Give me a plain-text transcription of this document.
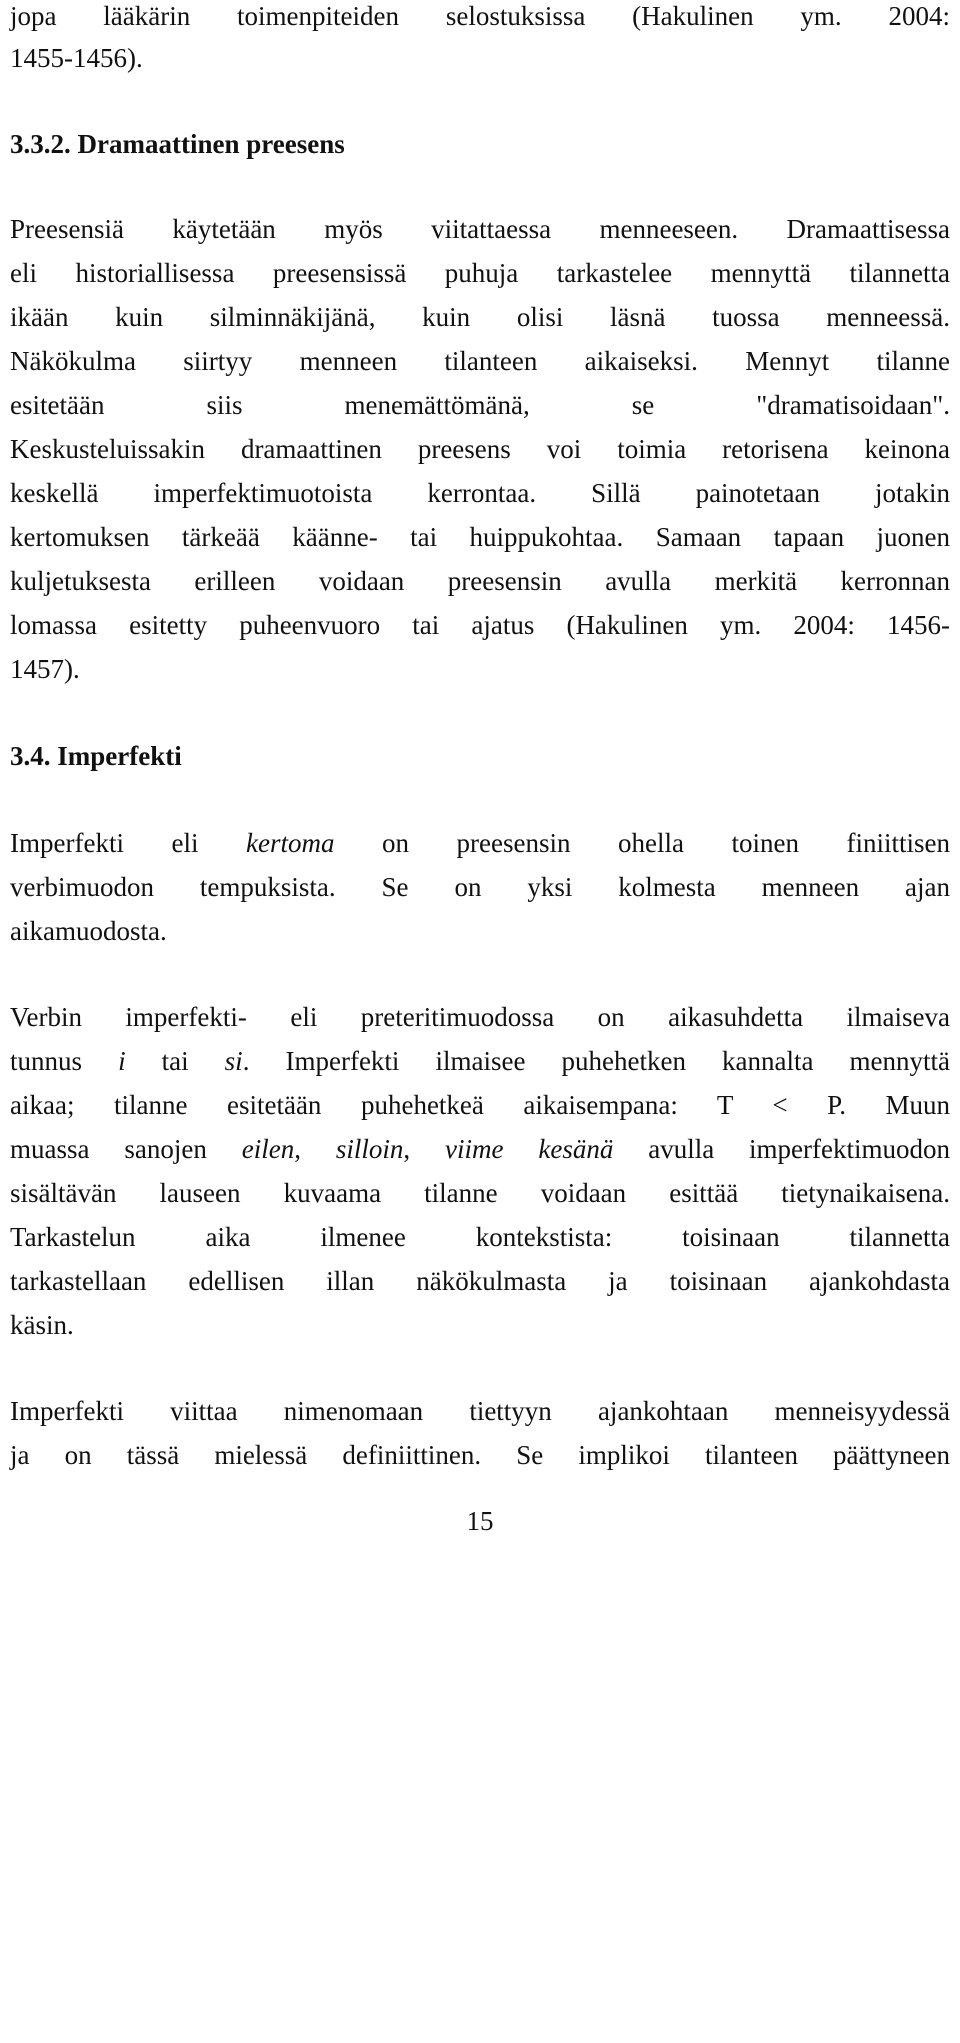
jopa lääkärin toimenpiteiden selostuksissa (Hakulinen ym. 2004:
1455-1456).
3.3.2. Dramaattinen preesens
Preesensiä käytetään myös viitattaessa menneeseen. Dramaattisessa
eli historiallisessa preesensissä puhuja tarkastelee mennyttä tilannetta
ikään kuin silminnäkijänä, kuin olisi läsnä tuossa menneessä.
Näkökulma siirtyy menneen tilanteen aikaiseksi. Mennyt tilanne
esitetään siis menemättömänä, se "dramatisoidaan".
Keskusteluissakin dramaattinen preesens voi toimia retorisena keinona
keskellä imperfektimuotoista kerrontaa. Sillä painotetaan jotakin
kertomuksen tärkeää käänne- tai huippukohtaa. Samaan tapaan juonen
kuljetuksesta erilleen voidaan preesensin avulla merkitä kerronnan
lomassa esitetty puheenvuoro tai ajatus (Hakulinen ym. 2004: 1456-
1457).
3.4. Imperfekti
Imperfekti eli kertoma on preesensin ohella toinen finiittisen
verbimuodon tempuksista. Se on yksi kolmesta menneen ajan
aikamuodosta.
Verbin imperfekti- eli preteritimuodossa on aikasuhdetta ilmaiseva
tunnus i tai si. Imperfekti ilmaisee puhehetken kannalta mennyttä
aikaa; tilanne esitetään puhehetkeä aikaisempana: T < P. Muun
muassa sanojen eilen, silloin, viime kesänä avulla imperfektimuodon
sisältävän lauseen kuvaama tilanne voidaan esittää tietynaikaisena.
Tarkastelun aika ilmenee kontekstista: toisinaan tilannetta
tarkastellaan edellisen illan näkökulmasta ja toisinaan ajankohdasta
käsin.
Imperfekti viittaa nimenomaan tiettyyn ajankohtaan menneisyydessä
ja on tässä mielessä definiittinen. Se implikoi tilanteen päättyneen
15
